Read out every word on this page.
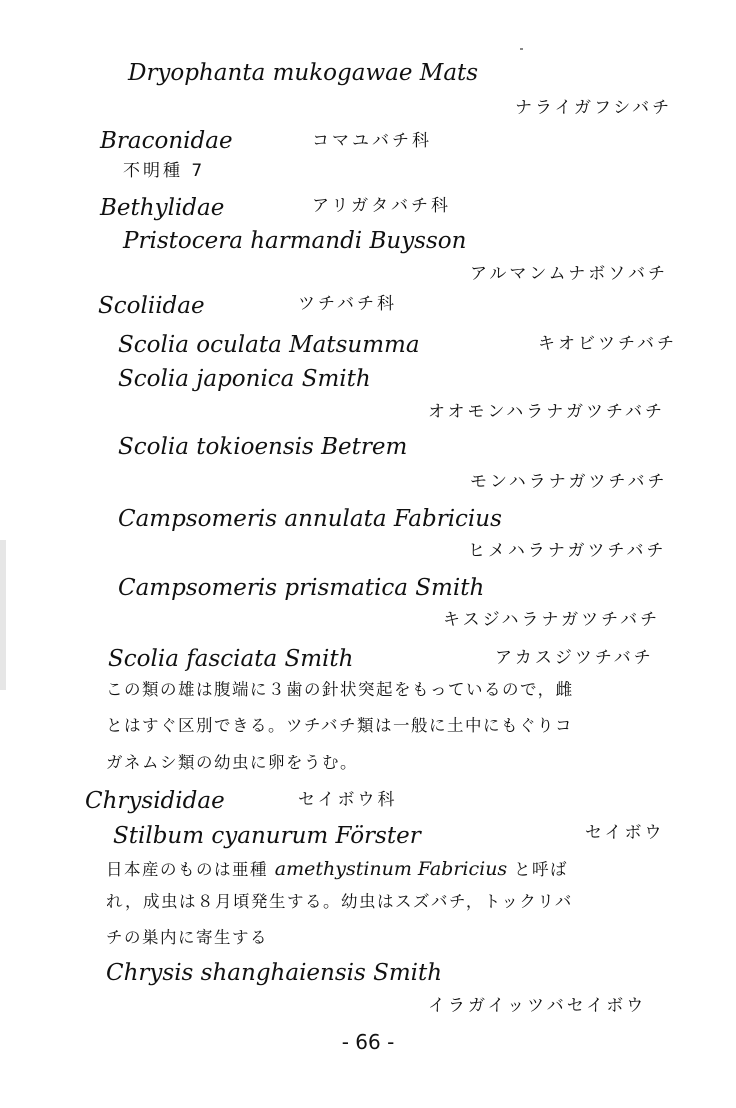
Dryophanta mukogawae Mats
ナライガフシバチ
Braconidae	コマユバチ科
不明種 7
Bethylidae	アリガタバチ科
Pristocera harmandi Buysson
アルマンムナボソバチ
Scoliidae	ツチバチ科
Scolia oculata Matsumma	キオビツチバチ
Scolia japonica Smith
オオモンハラナガツチバチ
Scolia tokioensis Betrem
モンハラナガツチバチ
Campsomeris annulata Fabricius
ヒメハラナガツチバチ
Campsomeris prismatica Smith
キスジハラナガツチバチ
Scolia fasciata Smith	アカスジツチバチ
この類の雄は腹端に３歯の針状突起をもっているので，雌
とはすぐ区別できる。ツチバチ類は一般に土中にもぐりコ
ガネムシ類の幼虫に卵をうむ。
Chrysididae	セイボウ科
Stilbum cyanurum Förster	セイボウ
日本産のものは亜種 amethystinum Fabricius と呼ば
れ，成虫は８月頃発生する。幼虫はスズバチ，トックリバ
チの巣内に寄生する
Chrysis shanghaiensis Smith
イラガイッツバセイボウ
- 66 -
